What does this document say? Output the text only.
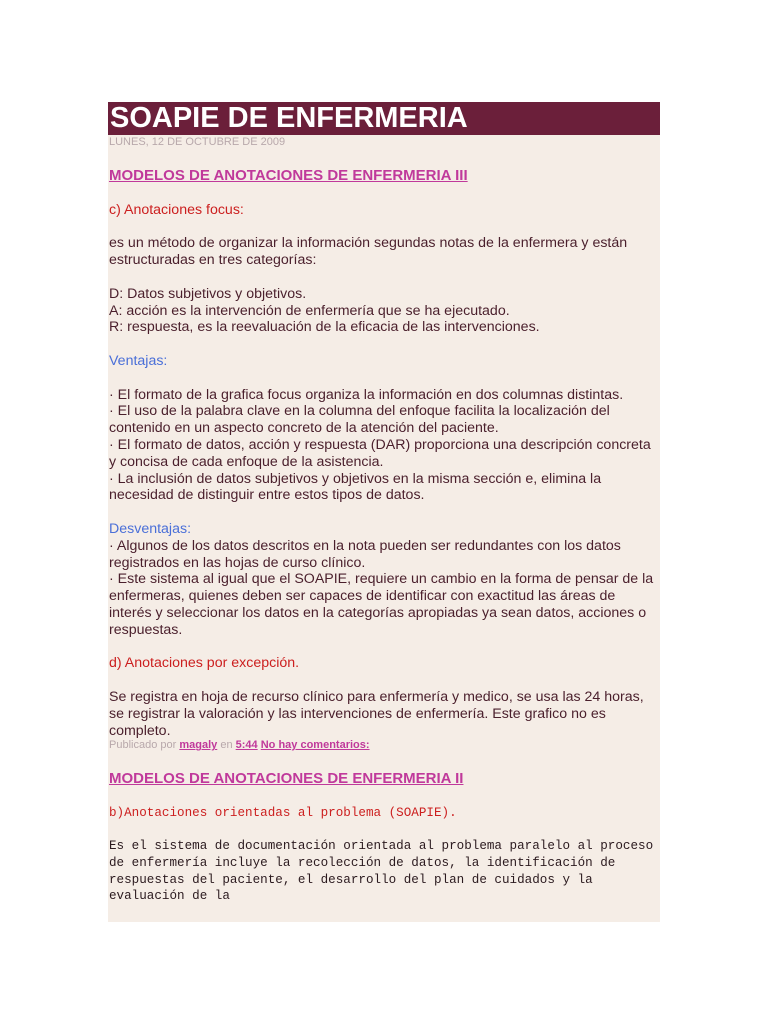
SOAPIE DE ENFERMERIA
LUNES, 12 DE OCTUBRE DE 2009
MODELOS DE ANOTACIONES DE ENFERMERIA III

c) Anotaciones focus:

es un método de organizar la información segundas notas de la enfermera y están estructuradas en tres categorías:

D: Datos subjetivos y objetivos.

A: acción es la intervención de enfermería que se ha ejecutado.

R: respuesta, es la reevaluación de la eficacia de las intervenciones.

Ventajas:

· El formato de la grafica focus organiza la información en dos columnas distintas.

· El uso de la palabra clave en la columna del enfoque facilita la localización del contenido en un aspecto concreto de la atención del paciente.

· El formato de datos, acción y respuesta (DAR) proporciona una descripción concreta y concisa de cada enfoque de la asistencia.

· La inclusión de datos subjetivos y objetivos en la misma sección e, elimina la necesidad de distinguir entre estos tipos de datos.

Desventajas:

· Algunos de los datos descritos en la nota pueden ser redundantes con los datos registrados en las hojas de curso clínico.

· Este sistema al igual que el SOAPIE, requiere un cambio en la forma de pensar de la enfermeras, quienes deben ser capaces de identificar con exactitud las áreas de interés y seleccionar los datos en la categorías apropiadas ya sean datos, acciones o respuestas.

d) Anotaciones por excepción.

Se registra en hoja de recurso clínico para enfermería y medico, se usa las 24 horas, se registrar la valoración y las intervenciones de enfermería. Este grafico no es completo.

Publicado por magaly en 5:44 No hay comentarios:
MODELOS DE ANOTACIONES DE ENFERMERIA II

b)Anotaciones orientadas al problema (SOAPIE).

Es el sistema de documentación orientada al problema paralelo al proceso de enfermería incluye la recolección de datos, la identificación de respuestas del paciente, el desarrollo del plan de cuidados y la evaluación de la
